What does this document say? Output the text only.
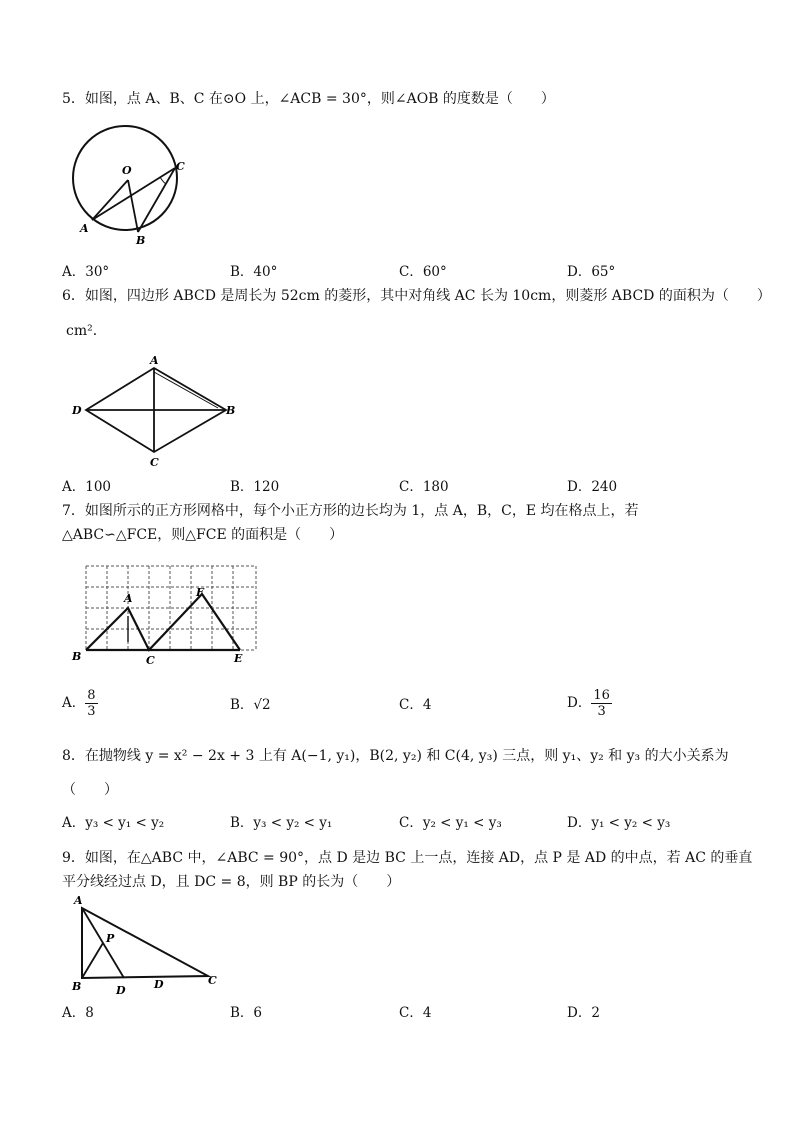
5．如图，点 A、B、C 在⊙O 上，∠ACB = 30°，则∠AOB 的度数是（　　）
O	C
A
B
A．30°	B．40°	C．60°	D．65°
6．如图，四边形 ABCD 是周长为 52cm 的菱形，其中对角线 AC 长为 10cm，则菱形 ABCD 的面积为（　　）
cm²．
A
B
C
D
A．100	B．120	C．180	D．240
7．如图所示的正方形网格中，每个小正方形的边长均为 1，点 A，B，C，E 均在格点上，若
△ABC∽△FCE，则△FCE 的面积是（　　）
B
A
C
F
E
A． $\frac{8}{3}$	B．√2	C．4	D． $\frac{16}{3}$
8．在抛物线 y = x² − 2x + 3 上有 A(−1, y₁)，B(2, y₂) 和 C(4, y₃) 三点，则 y₁、y₂ 和 y₃ 的大小关系为
（　　）
A．y₃ < y₁ < y₂	B．y₃ < y₂ < y₁	C．y₂ < y₁ < y₃	D．y₁ < y₂ < y₃
9．如图，在△ABC 中，∠ABC = 90°，点 D 是边 BC 上一点，连接 AD，点 P 是 AD 的中点，若 AC 的垂直
平分线经过点 D，且 DC = 8，则 BP 的长为（　　）
A
P
B	D	D	C
A．8	B．6	C．4	D．2
